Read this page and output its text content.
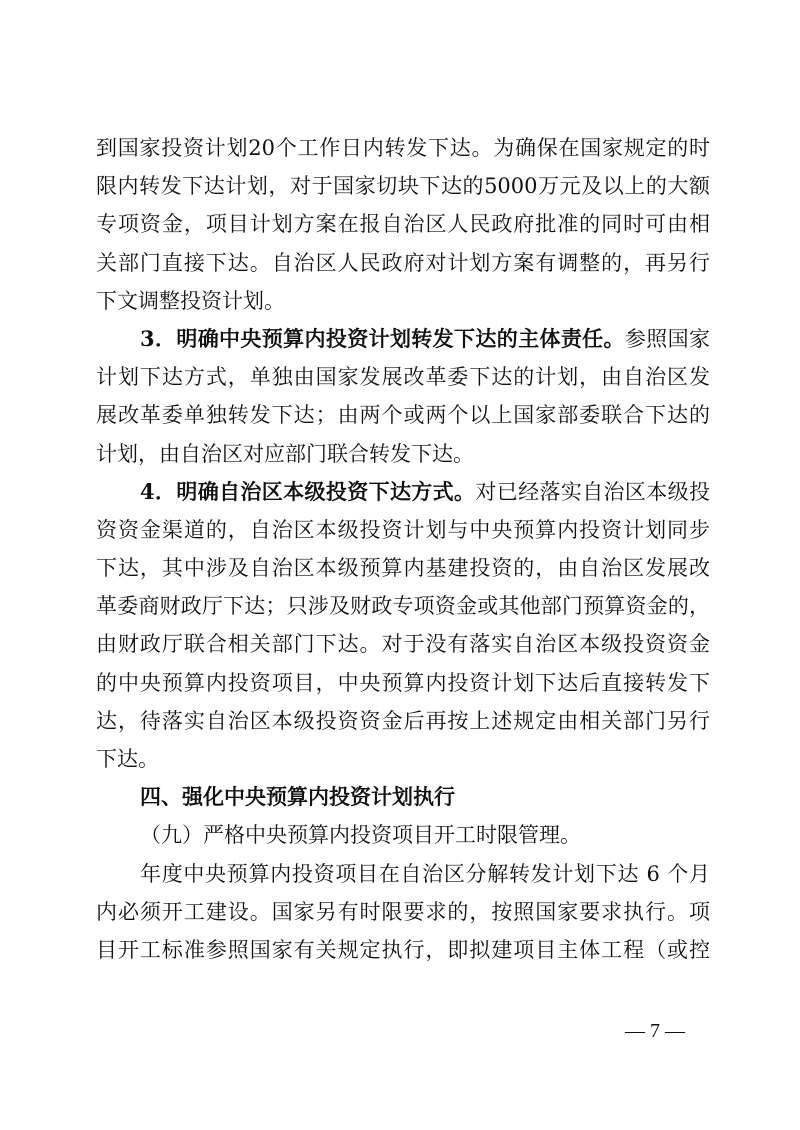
到国家投资计划20个工作日内转发下达。为确保在国家规定的时
限内转发下达计划，对于国家切块下达的5000万元及以上的大额
专项资金，项目计划方案在报自治区人民政府批准的同时可由相
关部门直接下达。自治区人民政府对计划方案有调整的，再另行
下文调整投资计划。
3．明确中央预算内投资计划转发下达的主体责任。参照国家
计划下达方式，单独由国家发展改革委下达的计划，由自治区发
展改革委单独转发下达；由两个或两个以上国家部委联合下达的
计划，由自治区对应部门联合转发下达。
4．明确自治区本级投资下达方式。对已经落实自治区本级投
资资金渠道的，自治区本级投资计划与中央预算内投资计划同步
下达，其中涉及自治区本级预算内基建投资的，由自治区发展改
革委商财政厅下达；只涉及财政专项资金或其他部门预算资金的，
由财政厅联合相关部门下达。对于没有落实自治区本级投资资金
的中央预算内投资项目，中央预算内投资计划下达后直接转发下
达，待落实自治区本级投资资金后再按上述规定由相关部门另行
下达。
四、强化中央预算内投资计划执行
（九）严格中央预算内投资项目开工时限管理。
年度中央预算内投资项目在自治区分解转发计划下达 6 个月
内必须开工建设。国家另有时限要求的，按照国家要求执行。项
目开工标准参照国家有关规定执行，即拟建项目主体工程（或控
— 7 —
